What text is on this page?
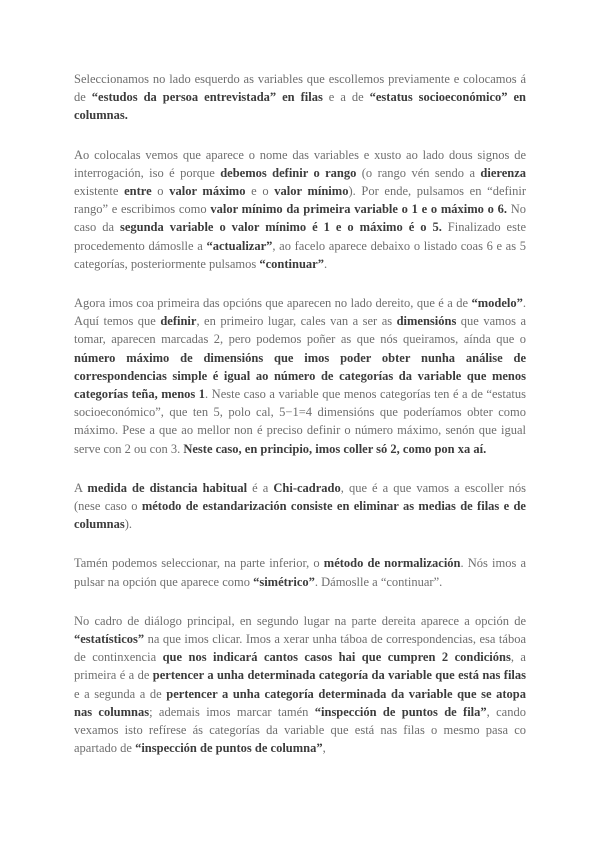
Seleccionamos no lado esquerdo as variables que escollemos previamente e colocamos á de “estudos da persoa entrevistada” en filas e a de “estatus socioeconómico” en columnas.

Ao colocalas vemos que aparece o nome das variables e xusto ao lado dous signos de interrogación, iso é porque debemos definir o rango (o rango vén sendo a dierenza existente entre o valor máximo e o valor mínimo). Por ende, pulsamos en “definir rango” e escribimos como valor mínimo da primeira variable o 1 e o máximo o 6. No caso da segunda variable o valor mínimo é 1 e o máximo é o 5. Finalizado este procedemento dámoslle a “actualizar”, ao facelo aparece debaixo o listado coas 6 e as 5 categorías, posteriormente pulsamos “continuar”.

Agora imos coa primeira das opcións que aparecen no lado dereito, que é a de “modelo”. Aquí temos que definir, en primeiro lugar, cales van a ser as dimensións que vamos a tomar, aparecen marcadas 2, pero podemos poñer as que nós queiramos, aínda que o número máximo de dimensións que imos poder obter nunha análise de correspondencias simple é igual ao número de categorías da variable que menos categorías teña, menos 1. Neste caso a variable que menos categorías ten é a de “estatus socioeconómico”, que ten 5, polo cal, 5−1=4 dimensións que poderíamos obter como máximo. Pese a que ao mellor non é preciso definir o número máximo, senón que igual serve con 2 ou con 3. Neste caso, en principio, imos coller só 2, como pon xa aí.

A medida de distancia habitual é a Chi-cadrado, que é a que vamos a escoller nós (nese caso o método de estandarización consiste en eliminar as medias de filas e de columnas).

Tamén podemos seleccionar, na parte inferior, o método de normalización. Nós imos a pulsar na opción que aparece como “simétrico”. Dámoslle a “continuar”.

No cadro de diálogo principal, en segundo lugar na parte dereita aparece a opción de “estatísticos” na que imos clicar. Imos a xerar unha táboa de correspondencias, esa táboa de continxencia que nos indicará cantos casos hai que cumpren 2 condicións, a primeira é a de pertencer a unha determinada categoría da variable que está nas filas e a segunda a de pertencer a unha categoría determinada da variable que se atopa nas columnas; ademais imos marcar tamén “inspección de puntos de fila”, cando vexamos isto refírese ás categorías da variable que está nas filas o mesmo pasa co apartado de “inspección de puntos de columna”,
